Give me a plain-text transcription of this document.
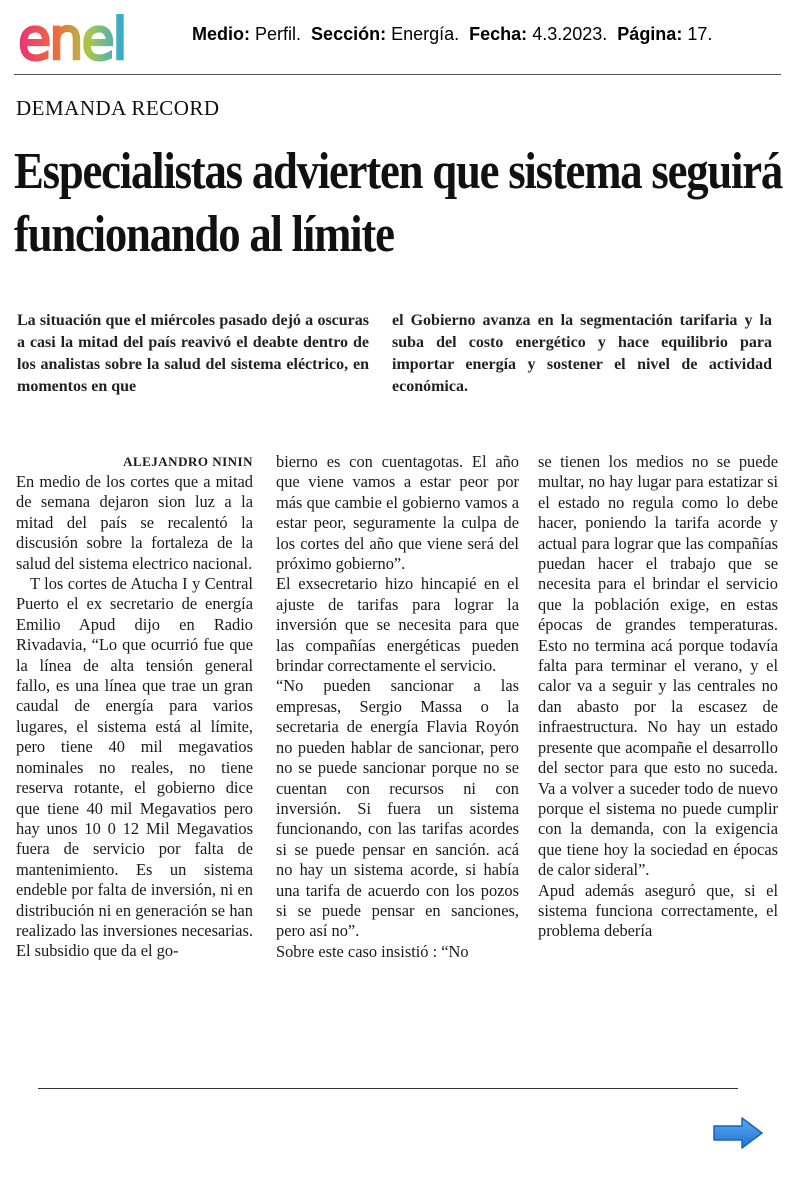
enel	Medio: Perfil. Sección: Energía. Fecha: 4.3.2023. Página: 17.
DEMANDA RECORD
Especialistas advierten que sistema seguirá funcionando al límite
La situación que el miércoles pasado dejó a oscuras a casi la mitad del país reavivó el deabte dentro de los analistas sobre la salud del sistema eléctrico, en momentos en que
el Gobierno avanza en la segmentación tarifaria y la suba del costo energético y hace equilibrio para importar energía y sostener el nivel de actividad económica.
ALEJANDRO NININ

En medio de los cortes que a mitad de semana dejaron sion luz a la mitad del país se recalentó la discusión sobre la fortaleza de la salud del sistema electrico nacional.

T los cortes de Atucha I y Central Puerto el ex secretario de energía Emilio Apud dijo en Radio Rivadavia, “Lo que ocurrió fue que la línea de alta tensión general fallo, es una línea que trae un gran caudal de energía para varios lugares, el sistema está al límite, pero tiene 40 mil megavatios nominales no reales, no tiene reserva rotante, el gobierno dice que tiene 40 mil Megavatios pero hay unos 10 0 12 Mil Megavatios fuera de servicio por falta de mantenimiento. Es un sistema endeble por falta de inversión, ni en distribución ni en generación se han realizado las inversiones necesarias. El subsidio que da el go-

bierno es con cuentagotas. El año que viene vamos a estar peor por más que cambie el gobierno vamos a estar peor, seguramente la culpa de los cortes del año que viene será del próximo gobierno”.

El exsecretario hizo hincapié en el ajuste de tarifas para lograr la inversión que se necesita para que las compañías energéticas pueden brindar correctamente el servicio.

“No pueden sancionar a las empresas, Sergio Massa o la secretaria de energía Flavia Royón no pueden hablar de sancionar, pero no se puede sancionar porque no se cuentan con recursos ni con inversión. Si fuera un sistema funcionando, con las tarifas acordes si se puede pensar en sanción. acá no hay un sistema acorde, si había una tarifa de acuerdo con los pozos si se puede pensar en sanciones, pero así no”.

Sobre este caso insistió : “No

se tienen los medios no se puede multar, no hay lugar para estatizar si el estado no regula como lo debe hacer, poniendo la tarifa acorde y actual para lograr que las compañías puedan hacer el trabajo que se necesita para el brindar el servicio que la población exige, en estas épocas de grandes temperaturas. Esto no termina acá porque todavía falta para terminar el verano, y el calor va a seguir y las centrales no dan abasto por la escasez de infraestructura. No hay un estado presente que acompañe el desarrollo del sector para que esto no suceda. Va a volver a suceder todo de nuevo porque el sistema no puede cumplir con la demanda, con la exigencia que tiene hoy la sociedad en épocas de calor sideral”.

Apud además aseguró que, si el sistema funciona correctamente, el problema debería
